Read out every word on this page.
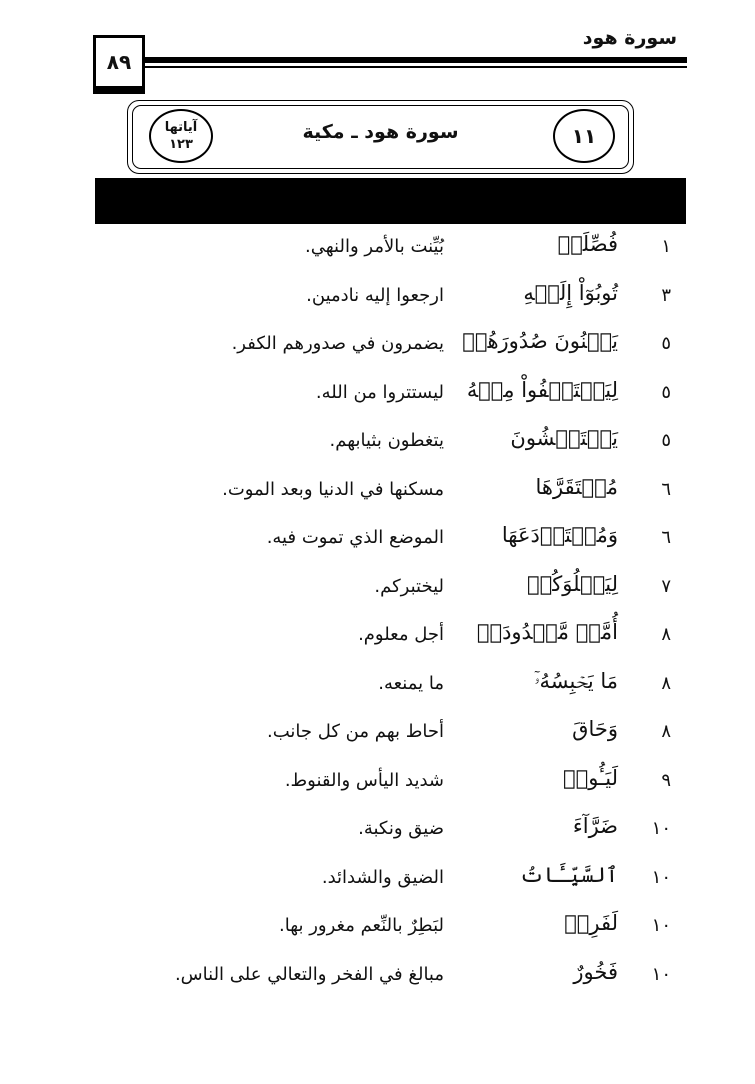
سورة هود
٨٩
آياتها
١٢٣
سورة هود ـ مكية	١١
١
فُصِّلَتۡ
بُيِّنت بالأمر والنهي.
٣
تُوبُوٓاْ إِلَيۡهِ
ارجعوا إليه نادمين.
٥
يَثۡنُونَ صُدُورَهُمۡ
يضمرون في صدورهم الكفر.
٥
لِيَسۡتَخۡفُواْ مِنۡهُ
ليستتروا من الله.
٥
يَسۡتَغۡشُونَ
يتغطون بثيابهم.
٦
مُسۡتَقَرَّهَا
مسكنها في الدنيا وبعد الموت.
٦
وَمُسۡتَوۡدَعَهَا
الموضع الذي تموت فيه.
٧
لِيَبۡلُوَكُمۡ
ليختبركم.
٨
أُمَّةٖ مَّعۡدُودَةٖ
أجل معلوم.
٨
مَا يَحۡبِسُهُۥٓ
ما يمنعه.
٨
وَحَاقَ
أحاط بهم من كل جانب.
٩
لَيَـُٔوسٞ
شديد اليأس والقنوط.
١٠
ضَرَّآءَ
ضيق ونكبة.
١٠
ٱلسَّيِّـَٔاتُ
الضيق والشدائد.
١٠
لَفَرِحٞ
لبَطِرٌ بالنِّعم مغرور بها.
١٠
فَخُورٌ
مبالغ في الفخر والتعالي على الناس.
